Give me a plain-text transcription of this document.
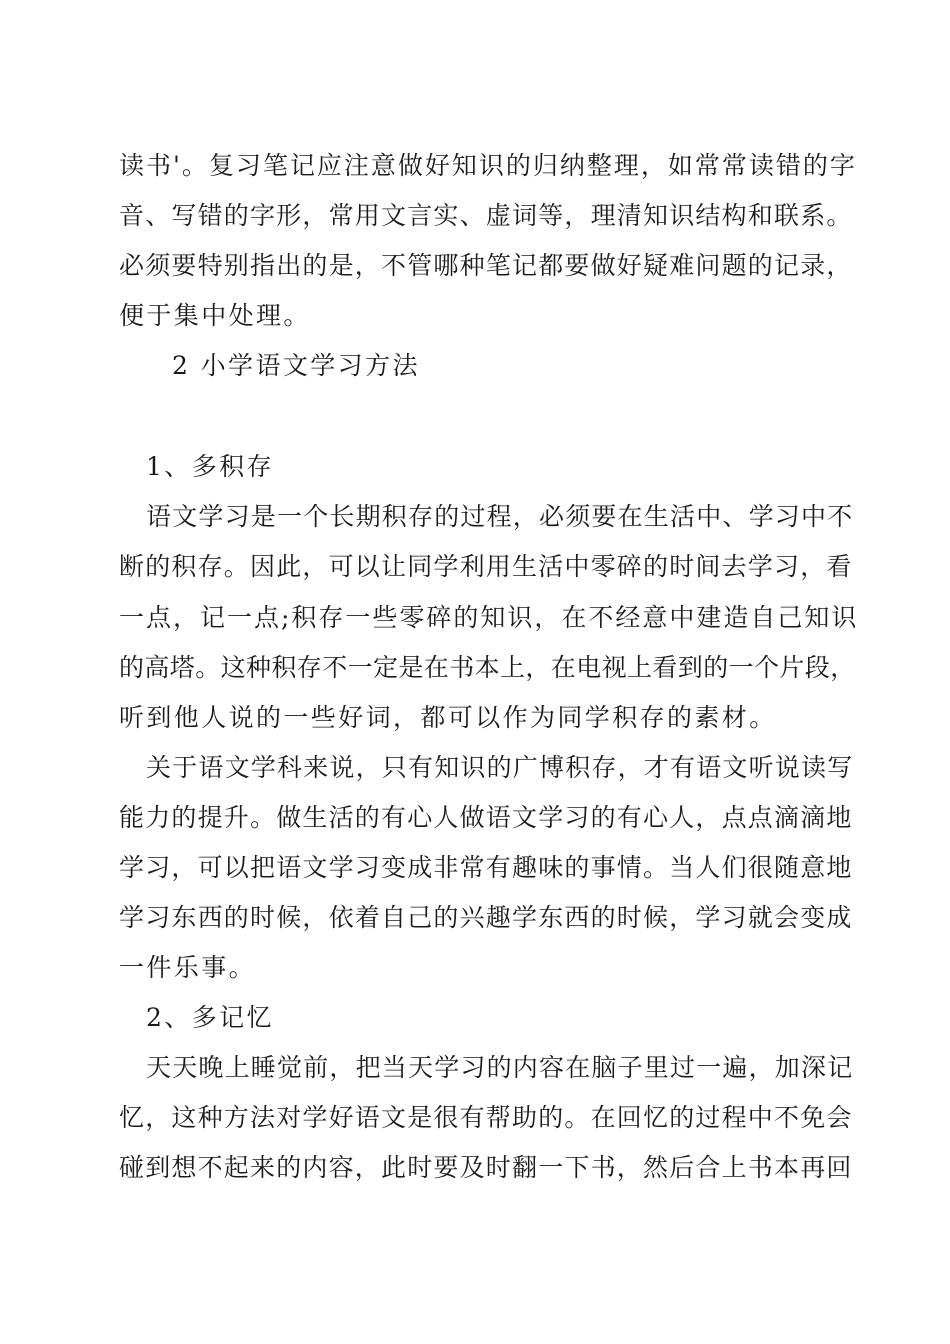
读书'。复习笔记应注意做好知识的归纳整理，如常常读错的字
音、写错的字形，常用文言实、虚词等，理清知识结构和联系。
必须要特别指出的是，不管哪种笔记都要做好疑难问题的记录，
便于集中处理。
2 小学语文学习方法
1、多积存
语文学习是一个长期积存的过程，必须要在生活中、学习中不
断的积存。因此，可以让同学利用生活中零碎的时间去学习，看
一点，记一点;积存一些零碎的知识，在不经意中建造自己知识
的高塔。这种积存不一定是在书本上，在电视上看到的一个片段，
听到他人说的一些好词，都可以作为同学积存的素材。
关于语文学科来说，只有知识的广博积存，才有语文听说读写
能力的提升。做生活的有心人做语文学习的有心人，点点滴滴地
学习，可以把语文学习变成非常有趣味的事情。当人们很随意地
学习东西的时候，依着自己的兴趣学东西的时候，学习就会变成
一件乐事。
2、多记忆
天天晚上睡觉前，把当天学习的内容在脑子里过一遍，加深记
忆，这种方法对学好语文是很有帮助的。在回忆的过程中不免会
碰到想不起来的内容，此时要及时翻一下书，然后合上书本再回
